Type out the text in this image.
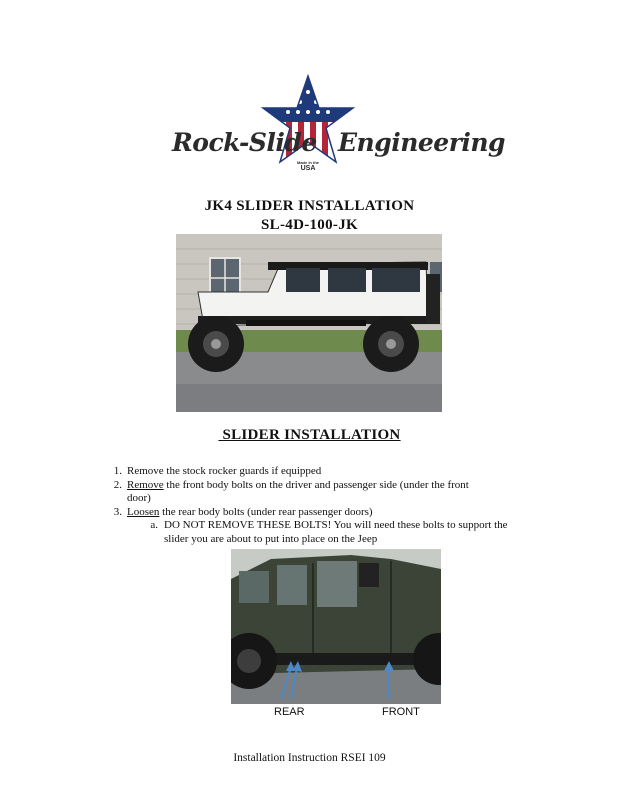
Rock-Slide Engineering
Made in the
USA
JK4 SLIDER INSTALLATION
SL-4D-100-JK
SLIDER INSTALLATION
1. Remove the stock rocker guards if equipped
2. Remove the front body bolts on the driver and passenger side (under the front
door)
3. Loosen the rear body bolts (under rear passenger doors)
a. DO NOT REMOVE THESE BOLTS! You will need these bolts to support the
slider you are about to put into place on the Jeep
REAR	FRONT
Installation Instruction RSEI 109
